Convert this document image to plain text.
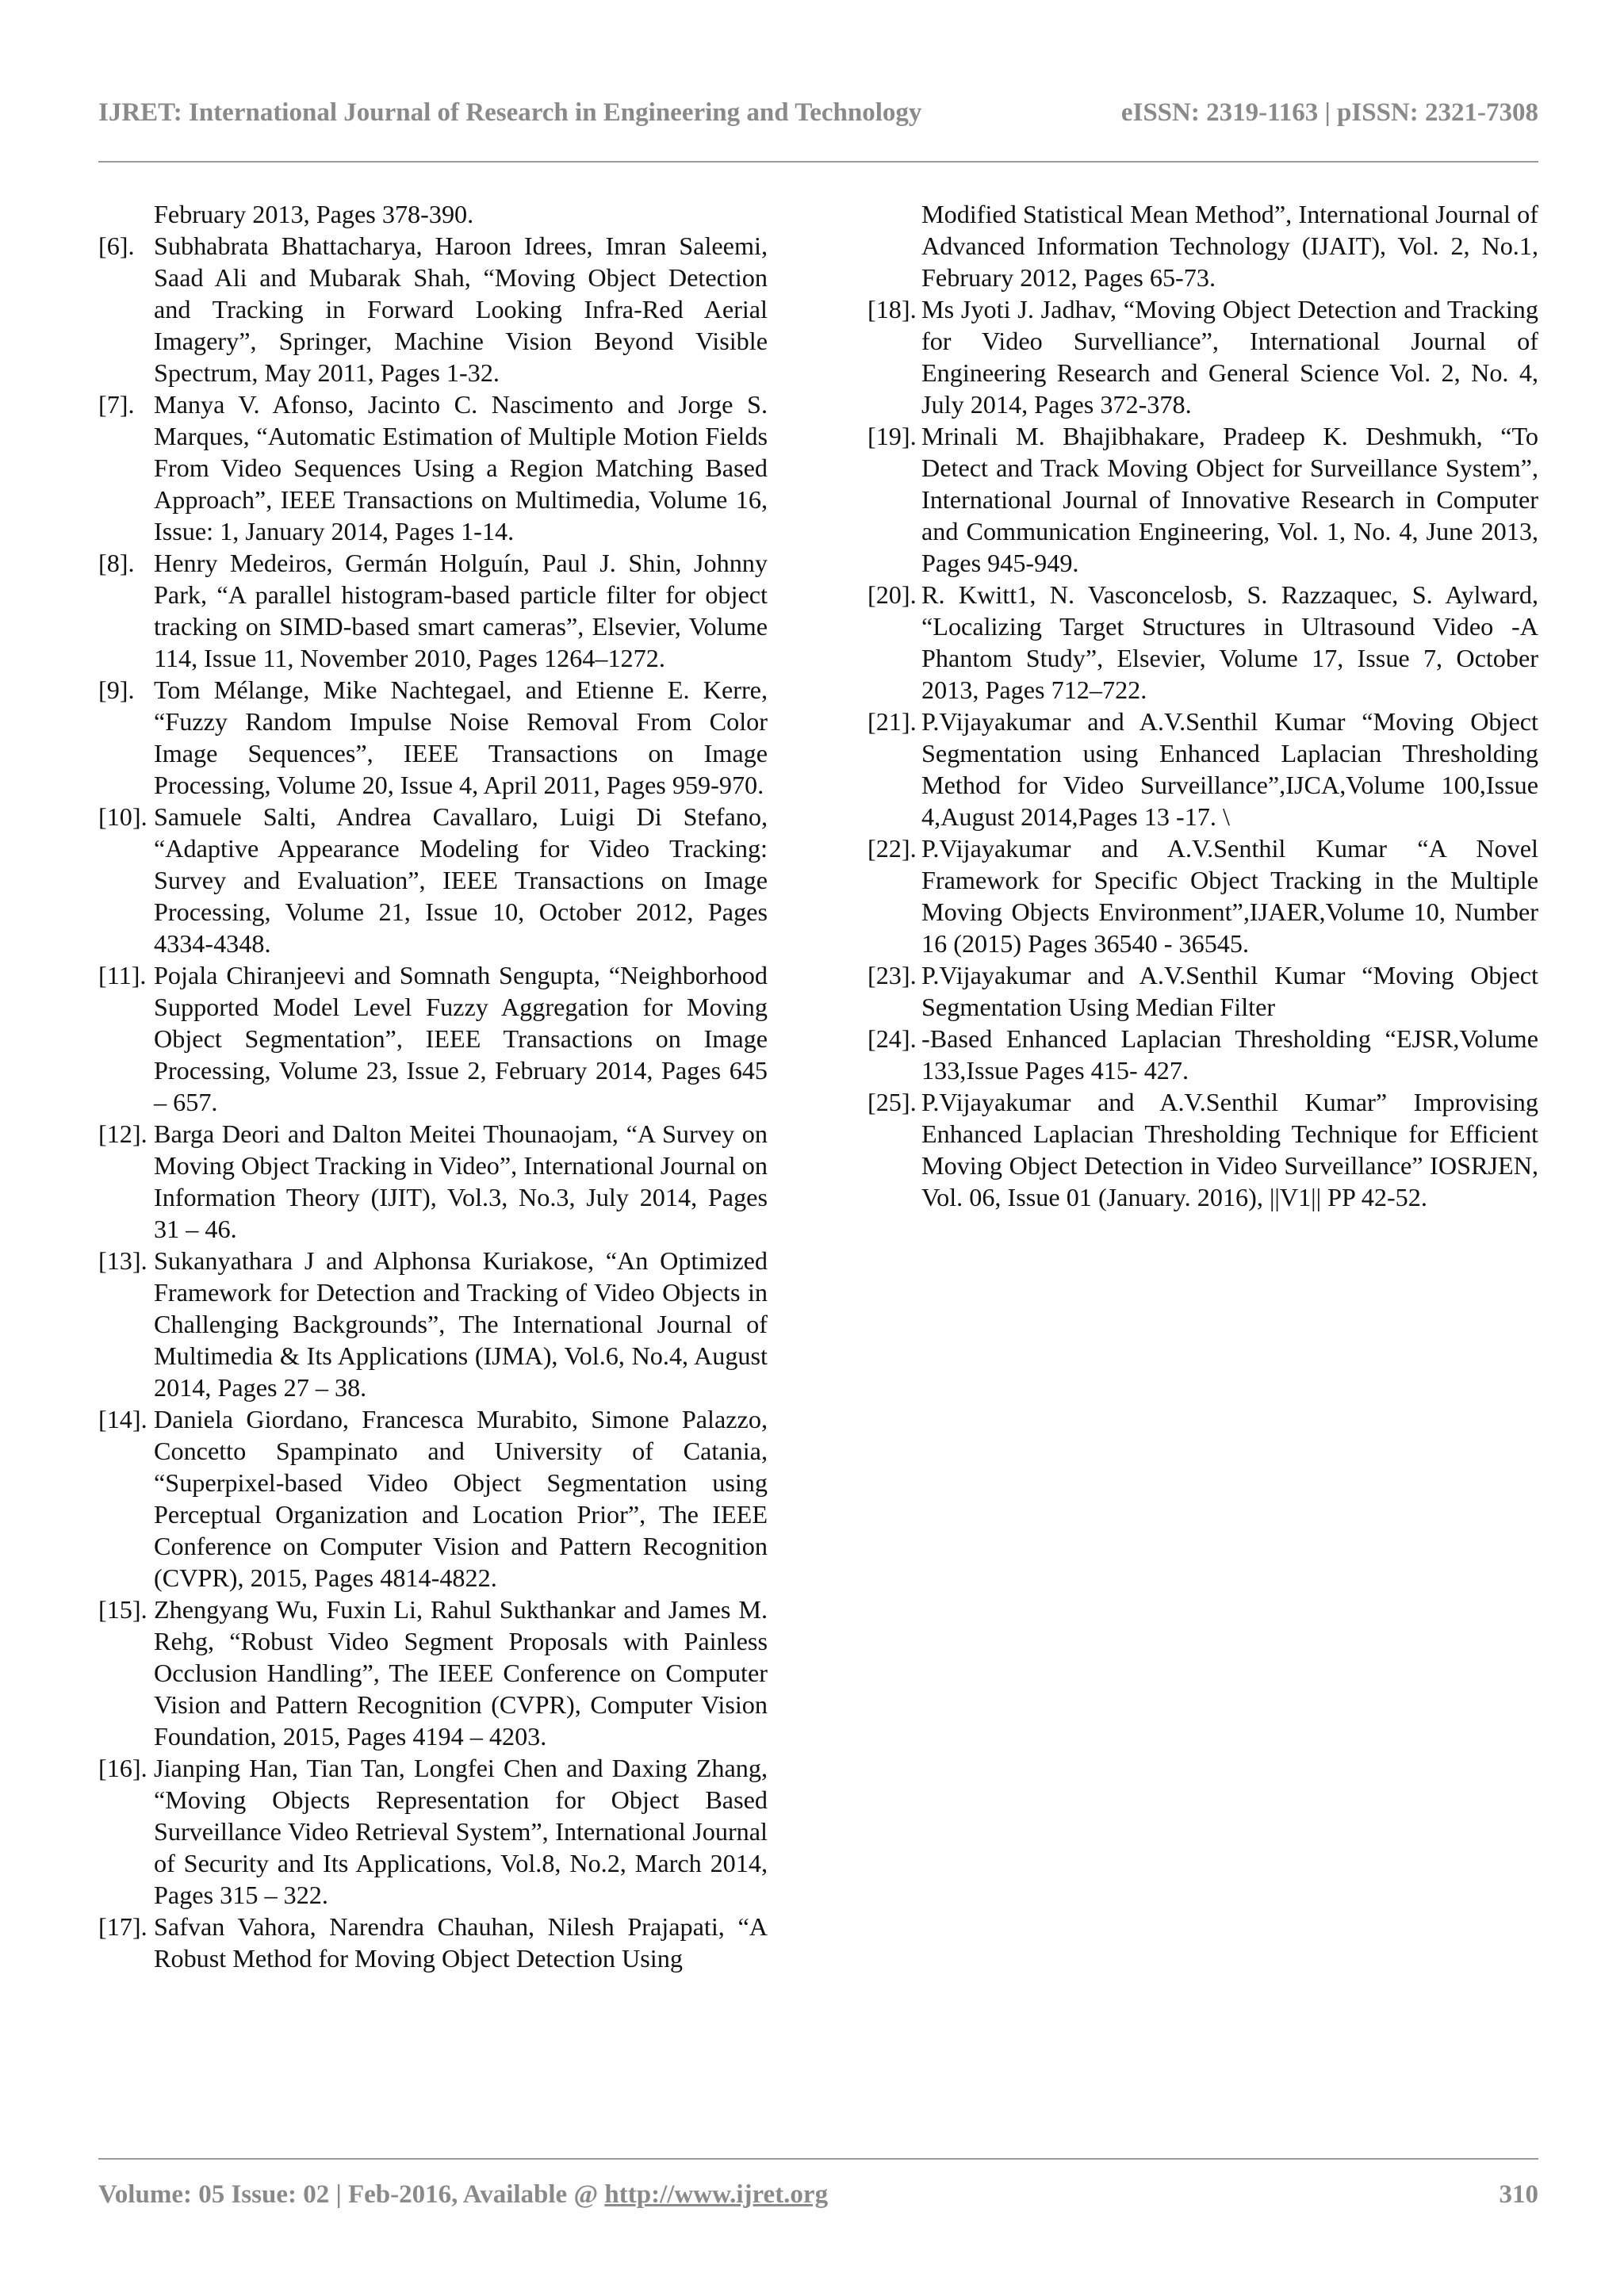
IJRET: International Journal of Research in Engineering and Technology	eISSN: 2319-1163 | pISSN: 2321-7308
February 2013, Pages 378-390.
[6]. Subhabrata Bhattacharya, Haroon Idrees, Imran Saleemi, Saad Ali and Mubarak Shah, “Moving Object Detection and Tracking in Forward Looking Infra-Red Aerial Imagery”, Springer, Machine Vision Beyond Visible Spectrum, May 2011, Pages 1-32.
[7]. Manya V. Afonso, Jacinto C. Nascimento and Jorge S. Marques, “Automatic Estimation of Multiple Motion Fields From Video Sequences Using a Region Matching Based Approach”, IEEE Transactions on Multimedia, Volume 16, Issue: 1, January 2014, Pages 1-14.
[8]. Henry Medeiros, Germán Holguín, Paul J. Shin, Johnny Park, “A parallel histogram-based particle filter for object tracking on SIMD-based smart cameras”, Elsevier, Volume 114, Issue 11, November 2010, Pages 1264–1272.
[9]. Tom Mélange, Mike Nachtegael, and Etienne E. Kerre, “Fuzzy Random Impulse Noise Removal From Color Image Sequences”, IEEE Transactions on Image Processing, Volume 20, Issue 4, April 2011, Pages 959-970.
[10]. Samuele Salti, Andrea Cavallaro, Luigi Di Stefano, “Adaptive Appearance Modeling for Video Tracking: Survey and Evaluation”, IEEE Transactions on Image Processing, Volume 21, Issue 10, October 2012, Pages 4334-4348.
[11]. Pojala Chiranjeevi and Somnath Sengupta, “Neighborhood Supported Model Level Fuzzy Aggregation for Moving Object Segmentation”, IEEE Transactions on Image Processing, Volume 23, Issue 2, February 2014, Pages 645 – 657.
[12]. Barga Deori and Dalton Meitei Thounaojam, “A Survey on Moving Object Tracking in Video”, International Journal on Information Theory (IJIT), Vol.3, No.3, July 2014, Pages 31 – 46.
[13]. Sukanyathara J and Alphonsa Kuriakose, “An Optimized Framework for Detection and Tracking of Video Objects in Challenging Backgrounds”, The International Journal of Multimedia & Its Applications (IJMA), Vol.6, No.4, August 2014, Pages 27 – 38.
[14]. Daniela Giordano, Francesca Murabito, Simone Palazzo, Concetto Spampinato and University of Catania, “Superpixel-based Video Object Segmentation using Perceptual Organization and Location Prior”, The IEEE Conference on Computer Vision and Pattern Recognition (CVPR), 2015, Pages 4814-4822.
[15]. Zhengyang Wu, Fuxin Li, Rahul Sukthankar and James M. Rehg, “Robust Video Segment Proposals with Painless Occlusion Handling”, The IEEE Conference on Computer Vision and Pattern Recognition (CVPR), Computer Vision Foundation, 2015, Pages 4194 – 4203.
[16]. Jianping Han, Tian Tan, Longfei Chen and Daxing Zhang, “Moving Objects Representation for Object Based Surveillance Video Retrieval System”, International Journal of Security and Its Applications, Vol.8, No.2, March 2014, Pages 315 – 322.
[17]. Safvan Vahora, Narendra Chauhan, Nilesh Prajapati, “A Robust Method for Moving Object Detection Using
Modified Statistical Mean Method”, International Journal of Advanced Information Technology (IJAIT), Vol. 2, No.1, February 2012, Pages 65-73.
[18]. Ms Jyoti J. Jadhav, “Moving Object Detection and Tracking for Video Survelliance”, International Journal of Engineering Research and General Science Vol. 2, No. 4, July 2014, Pages 372-378.
[19]. Mrinali M. Bhajibhakare, Pradeep K. Deshmukh, “To Detect and Track Moving Object for Surveillance System”, International Journal of Innovative Research in Computer and Communication Engineering, Vol. 1, No. 4, June 2013, Pages 945-949.
[20]. R. Kwitt1, N. Vasconcelosb, S. Razzaquec, S. Aylward, “Localizing Target Structures in Ultrasound Video -A Phantom Study”, Elsevier, Volume 17, Issue 7, October 2013, Pages 712–722.
[21]. P.Vijayakumar and A.V.Senthil Kumar “Moving Object Segmentation using Enhanced Laplacian Thresholding Method for Video Surveillance”,IJCA,Volume 100,Issue 4,August 2014,Pages 13 -17. \
[22]. P.Vijayakumar and A.V.Senthil Kumar “A Novel Framework for Specific Object Tracking in the Multiple Moving Objects Environment”,IJAER,Volume 10, Number 16 (2015) Pages 36540 - 36545.
[23]. P.Vijayakumar and A.V.Senthil Kumar “Moving Object Segmentation Using Median Filter
[24]. -Based Enhanced Laplacian Thresholding “EJSR,Volume 133,Issue Pages 415- 427.
[25]. P.Vijayakumar and A.V.Senthil Kumar” Improvising Enhanced Laplacian Thresholding Technique for Efficient Moving Object Detection in Video Surveillance” IOSRJEN, Vol. 06, Issue 01 (January. 2016), ||V1|| PP 42-52.
Volume: 05 Issue: 02 | Feb-2016, Available @ http://www.ijret.org	310
